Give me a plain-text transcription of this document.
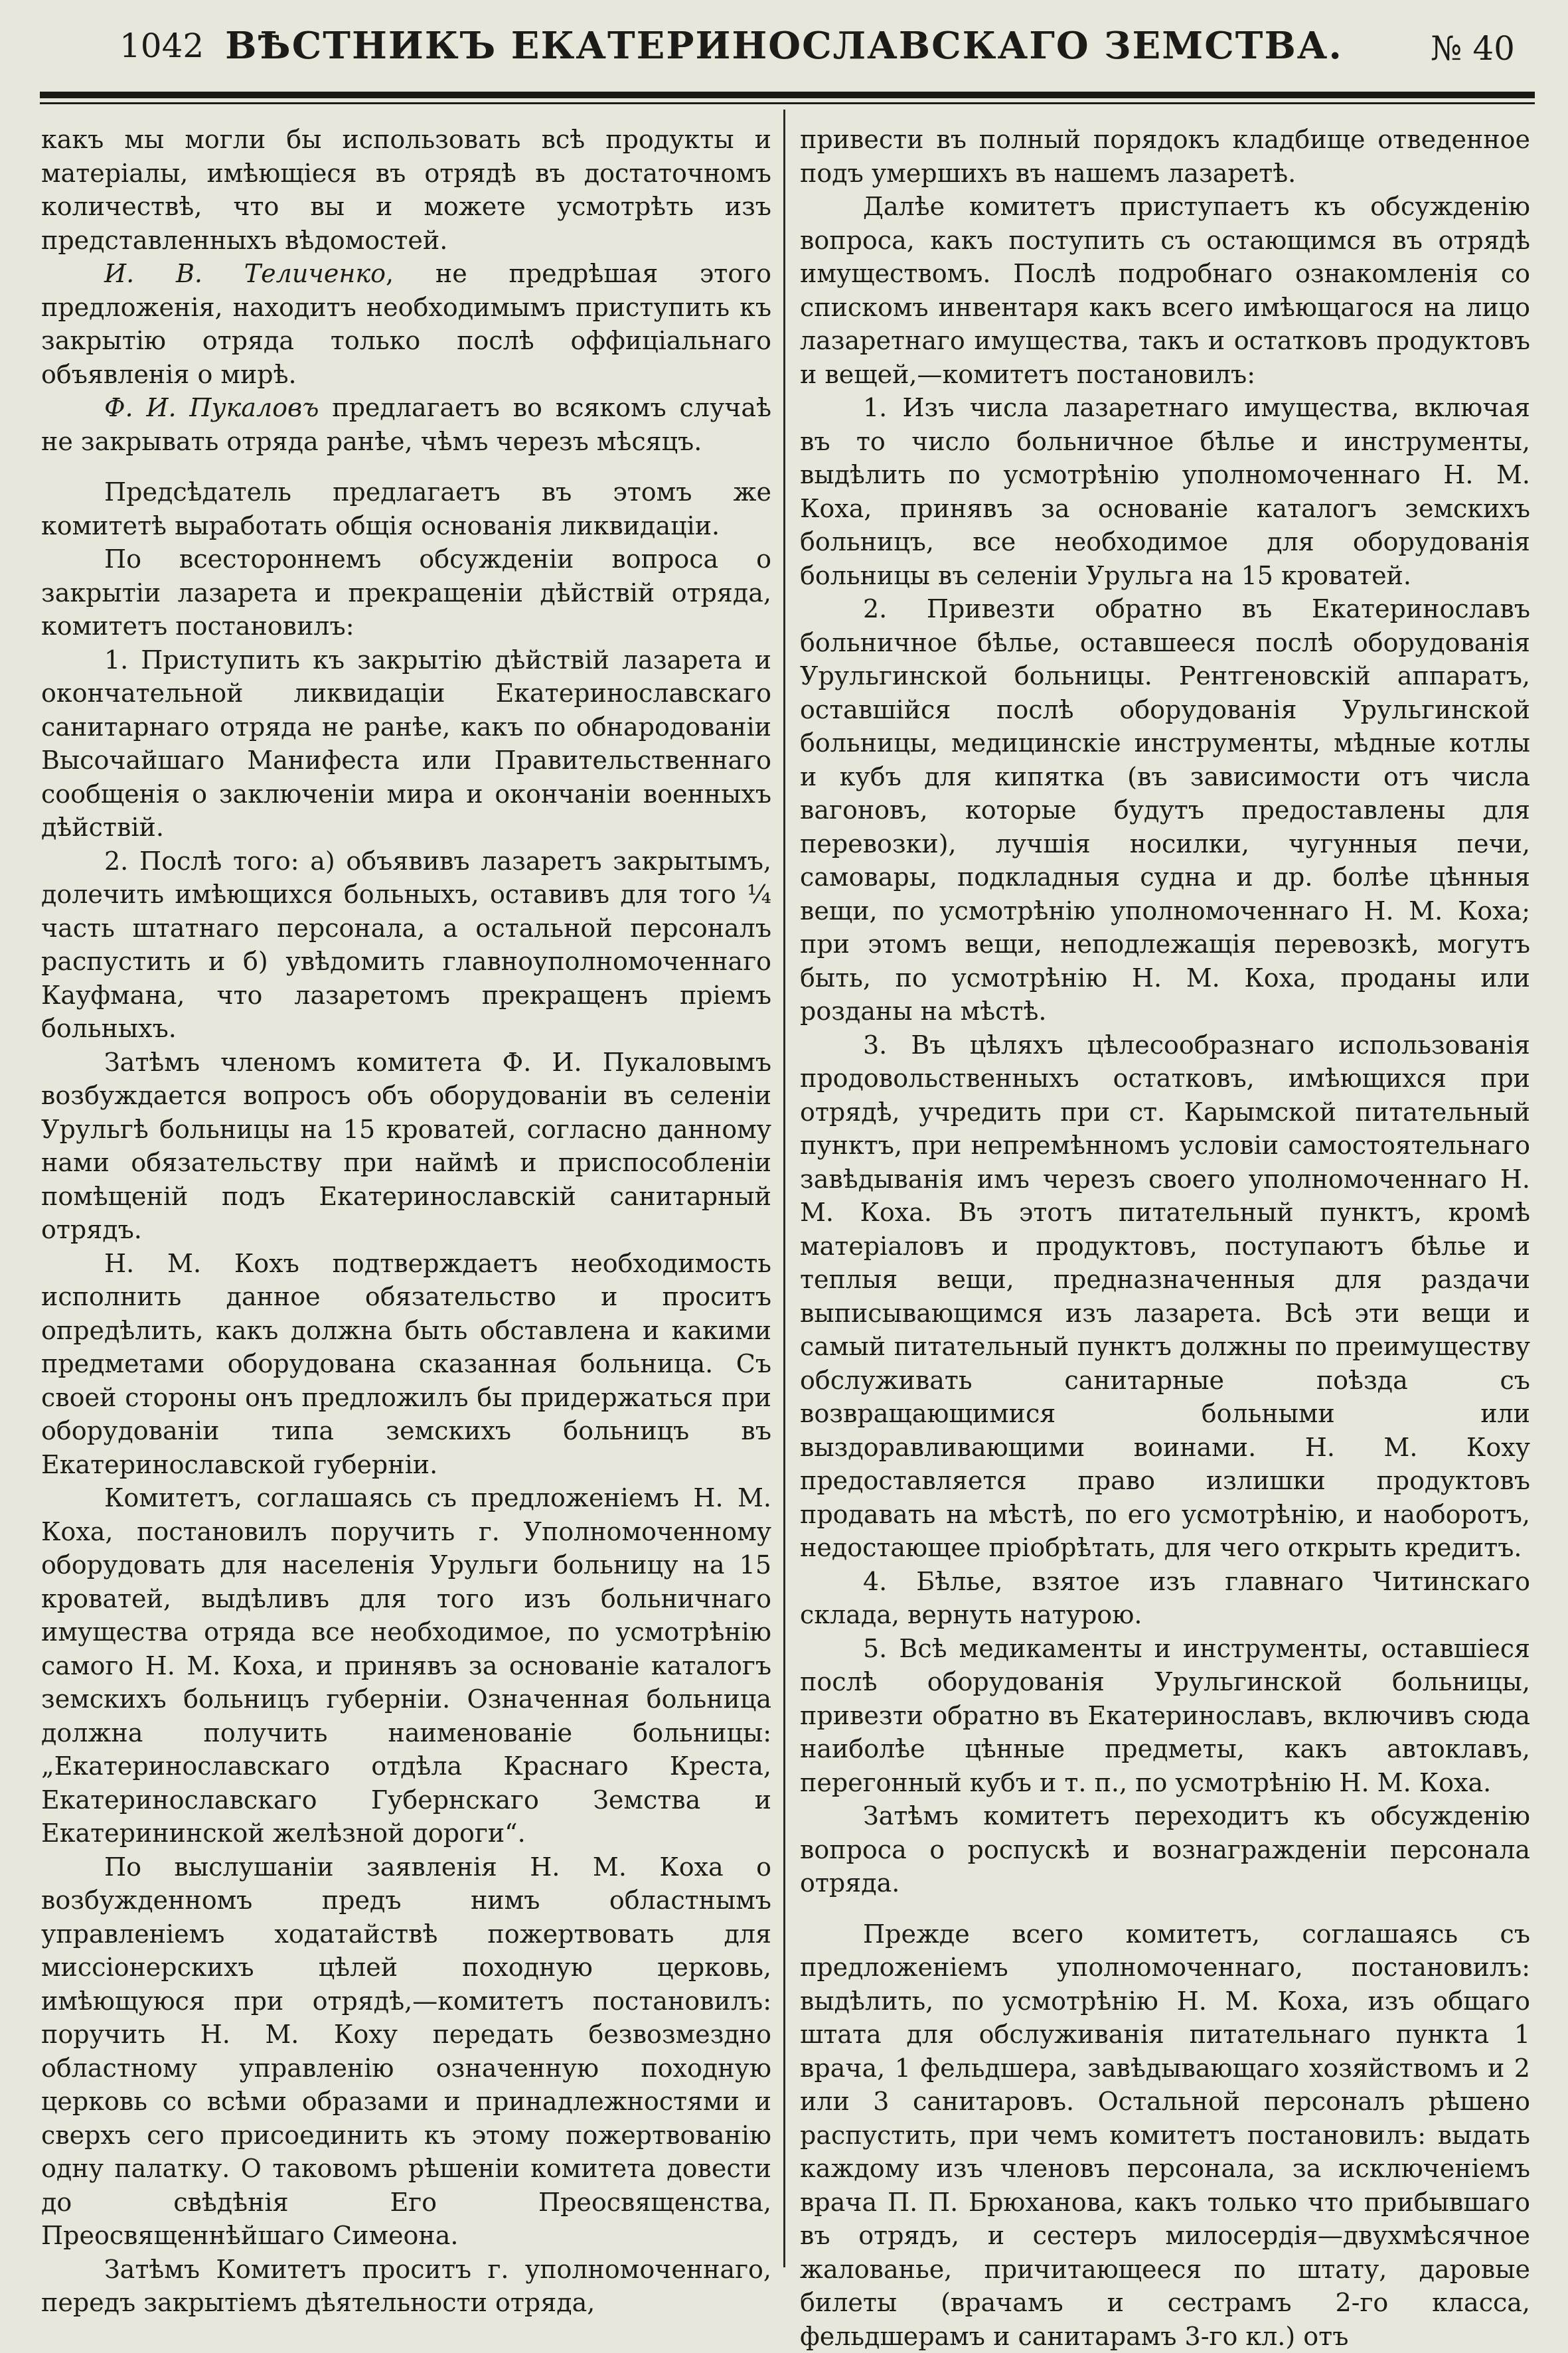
1042 ВѢСТНИКЪ ЕКАТЕРИНОСЛАВСКАГО ЗЕМСТВА.	№ 40

какъ мы могли бы использовать всѣ продукты и матеріалы, имѣющіеся въ отрядѣ въ достаточномъ количествѣ, что вы и можете усмотрѣть изъ представленныхъ вѣдомостей.

И. В. Теличенко, не предрѣшая этого предложенія, находитъ необходимымъ приступить къ закрытію отряда только послѣ оффиціальнаго объявленія о мирѣ.

Ф. И. Пукаловъ предлагаетъ во всякомъ случаѣ не закрывать отряда ранѣе, чѣмъ черезъ мѣсяцъ.

Предсѣдатель предлагаетъ въ этомъ же комитетѣ выработать общія основанія ликвидаціи.

По всестороннемъ обсужденіи вопроса о закрытіи лазарета и прекращеніи дѣйствій отряда, комитетъ постановилъ:

1. Приступить къ закрытію дѣйствій лазарета и окончательной ликвидаціи Екатеринославскаго санитарнаго отряда не ранѣе, какъ по обнародованіи Высочайшаго Манифеста или Правительственнаго сообщенія о заключеніи мира и окончаніи военныхъ дѣйствій.

2. Послѣ того: а) объявивъ лазаретъ закрытымъ, долечить имѣющихся больныхъ, оставивъ для того ¼ часть штатнаго персонала, а остальной персоналъ распустить и б) увѣдомить главноуполномоченнаго Кауфмана, что лазаретомъ прекращенъ пріемъ больныхъ.

Затѣмъ членомъ комитета Ф. И. Пукаловымъ возбуждается вопросъ объ оборудованіи въ селеніи Урульгѣ больницы на 15 кроватей, согласно данному нами обязательству при наймѣ и приспособленіи помѣщеній подъ Екатеринославскій санитарный отрядъ.

Н. М. Кохъ подтверждаетъ необходимость исполнить данное обязательство и проситъ опредѣлить, какъ должна быть обставлена и какими предметами оборудована сказанная больница. Съ своей стороны онъ предложилъ бы придержаться при оборудованіи типа земскихъ больницъ въ Екатеринославской губерніи.

Комитетъ, соглашаясь съ предложеніемъ Н. М. Коха, постановилъ поручить г. Уполномоченному оборудовать для населенія Урульги больницу на 15 кроватей, выдѣливъ для того изъ больничнаго имущества отряда все необходимое, по усмотрѣнію самого Н. М. Коха, и принявъ за основаніе каталогъ земскихъ больницъ губерніи. Означенная больница должна получить наименованіе больницы: „Екатеринославскаго отдѣла Краснаго Креста, Екатеринославскаго Губернскаго Земства и Екатерининской желѣзной дороги“.

По выслушаніи заявленія Н. М. Коха о возбужденномъ предъ нимъ областнымъ управленіемъ ходатайствѣ пожертвовать для миссіонерскихъ цѣлей походную церковь, имѣющуюся при отрядѣ,—комитетъ постановилъ: поручить Н. М. Коху передать безвозмездно областному управленію означенную походную церковь со всѣми образами и принадлежностями и сверхъ сего присоединить къ этому пожертвованію одну палатку. О таковомъ рѣшеніи комитета довести до свѣдѣнія Его Преосвященства, Преосвященнѣйшаго Симеона.

Затѣмъ Комитетъ проситъ г. уполномоченнаго, передъ закрытіемъ дѣятельности отряда,

привести въ полный порядокъ кладбище отведенное подъ умершихъ въ нашемъ лазаретѣ.

Далѣе комитетъ приступаетъ къ обсужденію вопроса, какъ поступить съ остающимся въ отрядѣ имуществомъ. Послѣ подробнаго ознакомленія со спискомъ инвентаря какъ всего имѣющагося на лицо лазаретнаго имущества, такъ и остатковъ продуктовъ и вещей,—комитетъ постановилъ:

1. Изъ числа лазаретнаго имущества, включая въ то число больничное бѣлье и инструменты, выдѣлить по усмотрѣнію уполномоченнаго Н. М. Коха, принявъ за основаніе каталогъ земскихъ больницъ, все необходимое для оборудованія больницы въ селеніи Урульга на 15 кроватей.

2. Привезти обратно въ Екатеринославъ больничное бѣлье, оставшееся послѣ оборудованія Урульгинской больницы. Рентгеновскій аппаратъ, оставшійся послѣ оборудованія Урульгинской больницы, медицинскіе инструменты, мѣдные котлы и кубъ для кипятка (въ зависимости отъ числа вагоновъ, которые будутъ предоставлены для перевозки), лучшія носилки, чугунныя печи, самовары, подкладныя судна и др. болѣе цѣнныя вещи, по усмотрѣнію уполномоченнаго Н. М. Коха; при этомъ вещи, неподлежащія перевозкѣ, могутъ быть, по усмотрѣнію Н. М. Коха, проданы или розданы на мѣстѣ.

3. Въ цѣляхъ цѣлесообразнаго использованія продовольственныхъ остатковъ, имѣющихся при отрядѣ, учредить при ст. Карымской питательный пунктъ, при непремѣнномъ условіи самостоятельнаго завѣдыванія имъ черезъ своего уполномоченнаго Н. М. Коха. Въ этотъ питательный пунктъ, кромѣ матеріаловъ и продуктовъ, поступаютъ бѣлье и теплыя вещи, предназначенныя для раздачи выписывающимся изъ лазарета. Всѣ эти вещи и самый питательный пунктъ должны по преимуществу обслуживать санитарные поѣзда съ возвращающимися больными или выздоравливающими воинами. Н. М. Коху предоставляется право излишки продуктовъ продавать на мѣстѣ, по его усмотрѣнію, и наоборотъ, недостающее пріобрѣтать, для чего открыть кредитъ.

4. Бѣлье, взятое изъ главнаго Читинскаго склада, вернуть натурою.

5. Всѣ медикаменты и инструменты, оставшіеся послѣ оборудованія Урульгинской больницы, привезти обратно въ Екатеринославъ, включивъ сюда наиболѣе цѣнные предметы, какъ автоклавъ, перегонный кубъ и т. п., по усмотрѣнію Н. М. Коха.

Затѣмъ комитетъ переходитъ къ обсужденію вопроса о роспускѣ и вознагражденіи персонала отряда.

Прежде всего комитетъ, соглашаясь съ предложеніемъ уполномоченнаго, постановилъ: выдѣлить, по усмотрѣнію Н. М. Коха, изъ общаго штата для обслуживанія питательнаго пункта 1 врача, 1 фельдшера, завѣдывающаго хозяйствомъ и 2 или 3 санитаровъ. Остальной персоналъ рѣшено распустить, при чемъ комитетъ постановилъ: выдать каждому изъ членовъ персонала, за исключеніемъ врача П. П. Брюханова, какъ только что прибывшаго въ отрядъ, и сестеръ милосердія—двухмѣсячное жалованье, причитающееся по штату, даровые билеты (врачамъ и сестрамъ 2-го класса, фельдшерамъ и санитарамъ 3-го кл.) отъ
